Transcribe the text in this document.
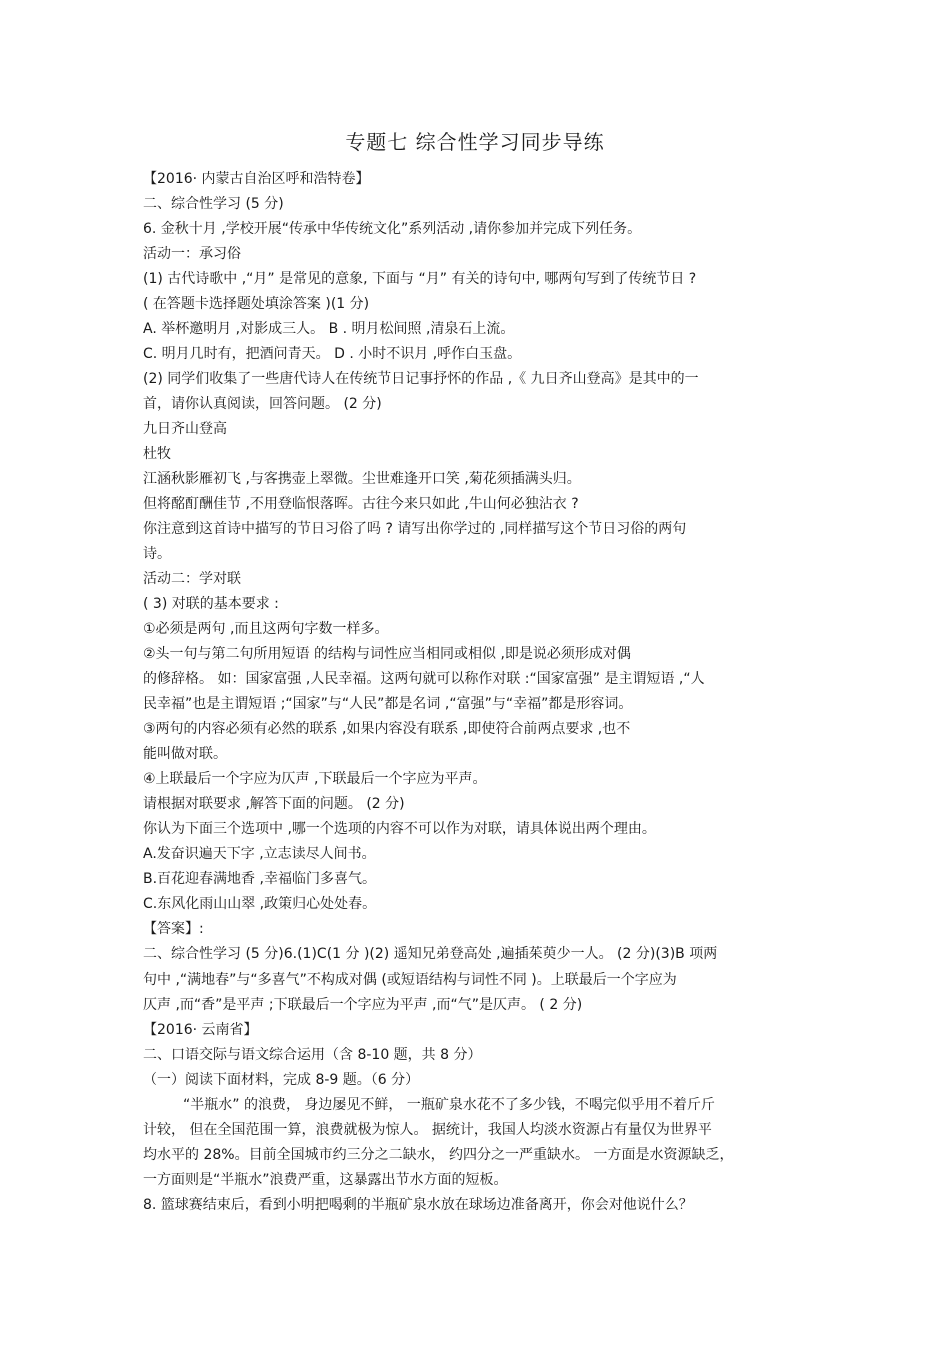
专题七 综合性学习同步导练
【2016· 内蒙古自治区呼和浩特卷】
二、综合性学习 (5 分)
6. 金秋十月 ,学校开展“传承中华传统文化”系列活动 ,请你参加并完成下列任务。
活动一：承习俗
(1) 古代诗歌中 ,“月” 是常见的意象, 下面与 “月” 有关的诗句中, 哪两句写到了传统节日 ?
( 在答题卡选择题处填涂答案 )(1 分)
A. 举杯邀明月 ,对影成三人。 B . 明月松间照 ,清泉石上流。
C. 明月几时有，把酒问青天。 D . 小时不识月 ,呼作白玉盘。
(2) 同学们收集了一些唐代诗人在传统节日记事抒怀的作品 ,《 九日齐山登高》是其中的一
首，请你认真阅读，回答问题。 (2 分)
九日齐山登高
杜牧
江涵秋影雁初飞 ,与客携壶上翠微。尘世难逢开口笑 ,菊花须插满头归。
但将酩酊酬佳节 ,不用登临恨落晖。古往今来只如此 ,牛山何必独沾衣 ?
你注意到这首诗中描写的节日习俗了吗 ? 请写出你学过的 ,同样描写这个节日习俗的两句
诗。
活动二：学对联
( 3) 对联的基本要求 :
①必须是两句 ,而且这两句字数一样多。
②头一句与第二句所用短语 的结构与词性应当相同或相似 ,即是说必须形成对偶
的修辞格。 如：国家富强 ,人民幸福。这两句就可以称作对联 :“国家富强” 是主谓短语 ,“人
民幸福”也是主谓短语 ;“国家”与“人民”都是名词 ,“富强”与“幸福”都是形容词。
③两句的内容必须有必然的联系 ,如果内容没有联系 ,即使符合前两点要求 ,也不
能叫做对联。
④上联最后一个字应为仄声 ,下联最后一个字应为平声。
请根据对联要求 ,解答下面的问题。 (2 分)
你认为下面三个选项中 ,哪一个选项的内容不可以作为对联，请具体说出两个理由。
A.发奋识遍天下字 ,立志读尽人间书。
B.百花迎春满地香 ,幸福临门多喜气。
C.东风化雨山山翠 ,政策归心处处春。
【答案】:
二、综合性学习 (5 分)6.(1)C(1 分 )(2) 遥知兄弟登高处 ,遍插茱萸少一人。 (2 分)(3)B 项两
句中 ,“满地春”与“多喜气”不构成对偶 (或短语结构与词性不同 )。上联最后一个字应为
仄声 ,而“香”是平声 ;下联最后一个字应为平声 ,而“气”是仄声。 ( 2 分)
【2016· 云南省】
二、口语交际与语文综合运用（含 8-10 题，共 8 分）
（一）阅读下面材料，完成 8-9 题。（6 分）
“半瓶水” 的浪费， 身边屡见不鲜， 一瓶矿泉水花不了多少钱，不喝完似乎用不着斤斤
计较， 但在全国范围一算，浪费就极为惊人。 据统计，我国人均淡水资源占有量仅为世界平
均水平的 28%。目前全国城市约三分之二缺水， 约四分之一严重缺水。 一方面是水资源缺乏，
一方面则是“半瓶水”浪费严重，这暴露出节水方面的短板。
8. 篮球赛结束后，看到小明把喝剩的半瓶矿泉水放在球场边准备离开，你会对他说什么？
